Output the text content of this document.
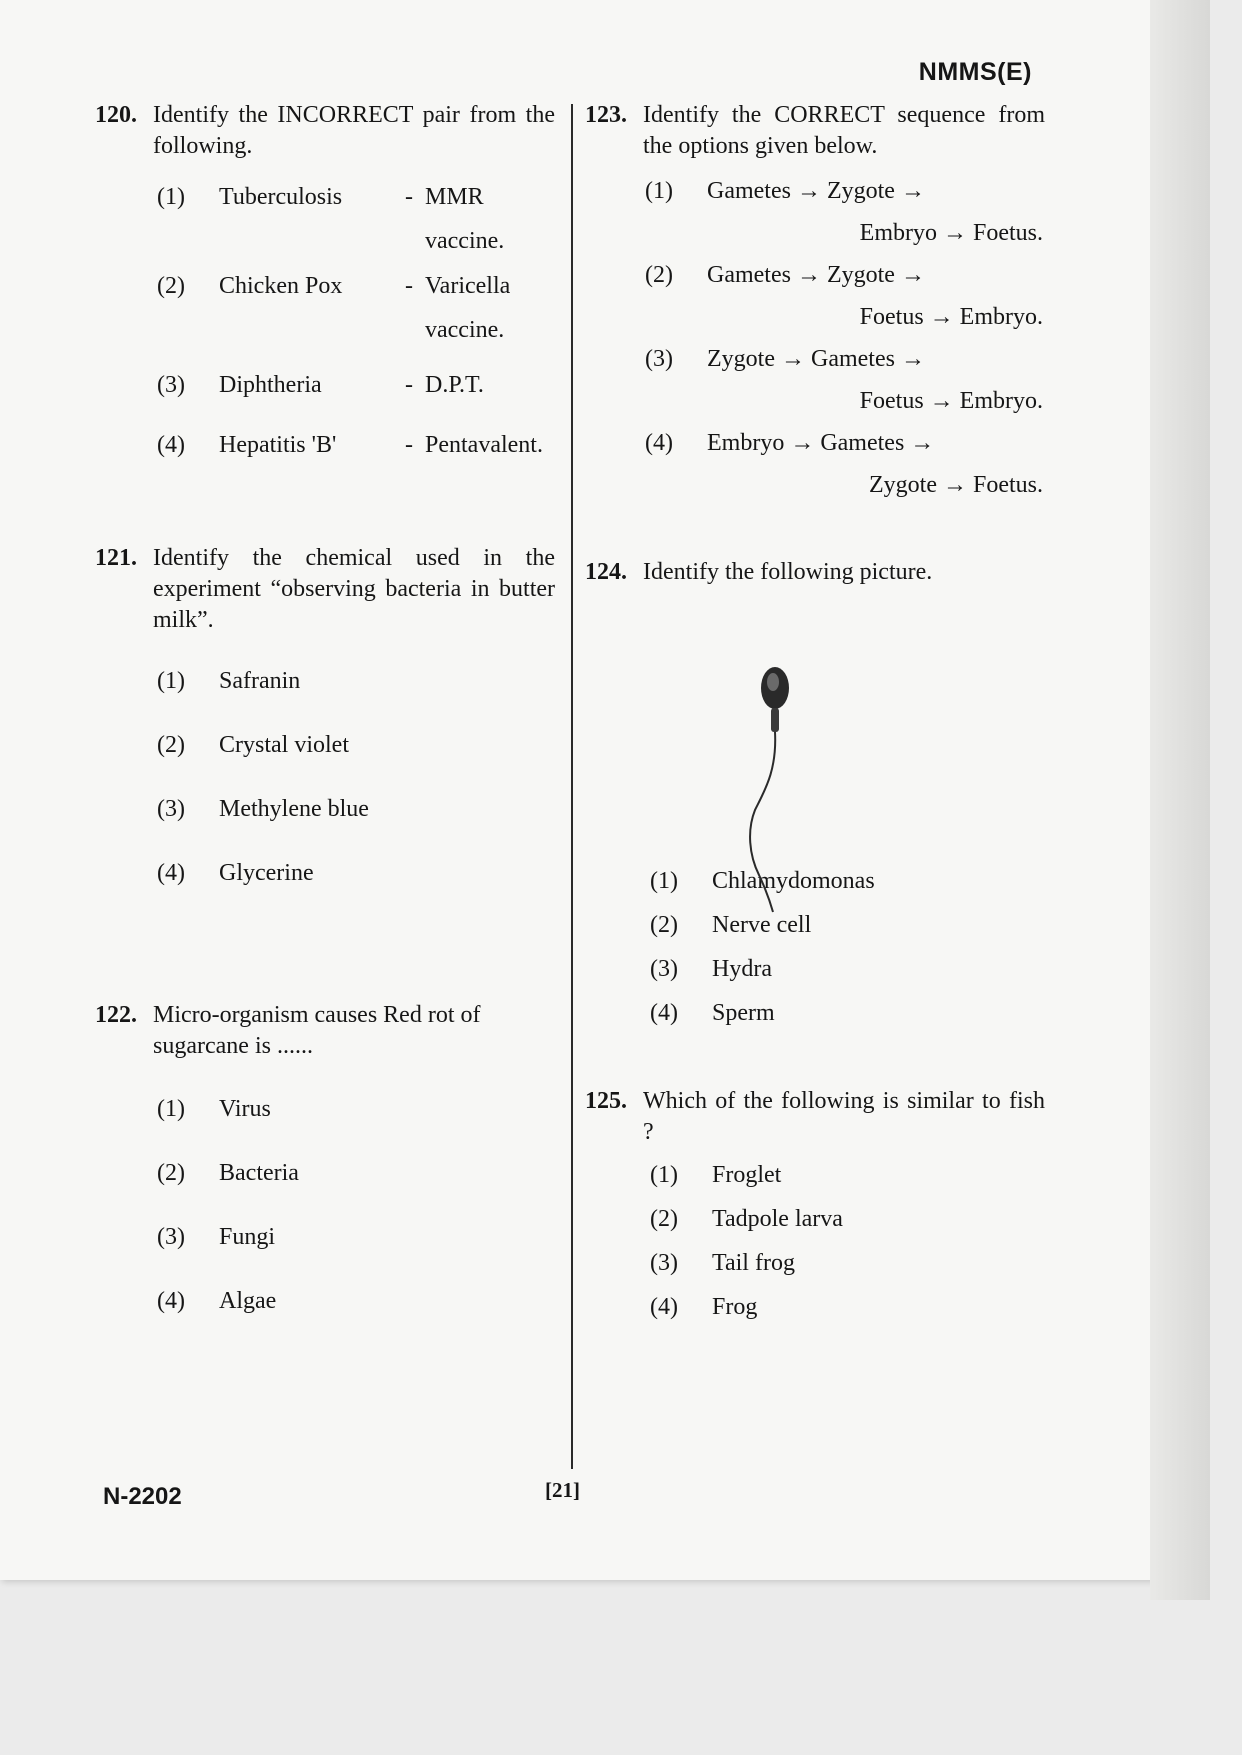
NMMS(E)
120. Identify the INCORRECT pair from the following.
(1)	Tuberculosis	- MMR vaccine.
(2)	Chicken Pox	- Varicella vaccine.
(3)	Diphtheria	- D.P.T.
(4)	Hepatitis 'B'	- Pentavalent.
121. Identify the chemical used in the experiment “observing bacteria in butter milk”.
(1)	Safranin
(2)	Crystal violet
(3)	Methylene blue
(4)	Glycerine
122. Micro-organism causes Red rot of sugarcane is ......
(1)	Virus
(2)	Bacteria
(3)	Fungi
(4)	Algae
123. Identify the CORRECT sequence from the options given below.
(1)	Gametes → Zygote →
Embryo → Foetus.
(2)	Gametes → Zygote →
Foetus → Embryo.
(3)	Zygote → Gametes →
Foetus → Embryo.
(4)	Embryo → Gametes →
Zygote → Foetus.
124. Identify the following picture.
(1)	Chlamydomonas
(2)	Nerve cell
(3)	Hydra
(4)	Sperm
125. Which of the following is similar to fish ?
(1)	Froglet
(2)	Tadpole larva
(3)	Tail frog
(4)	Frog
N-2202	[21]
